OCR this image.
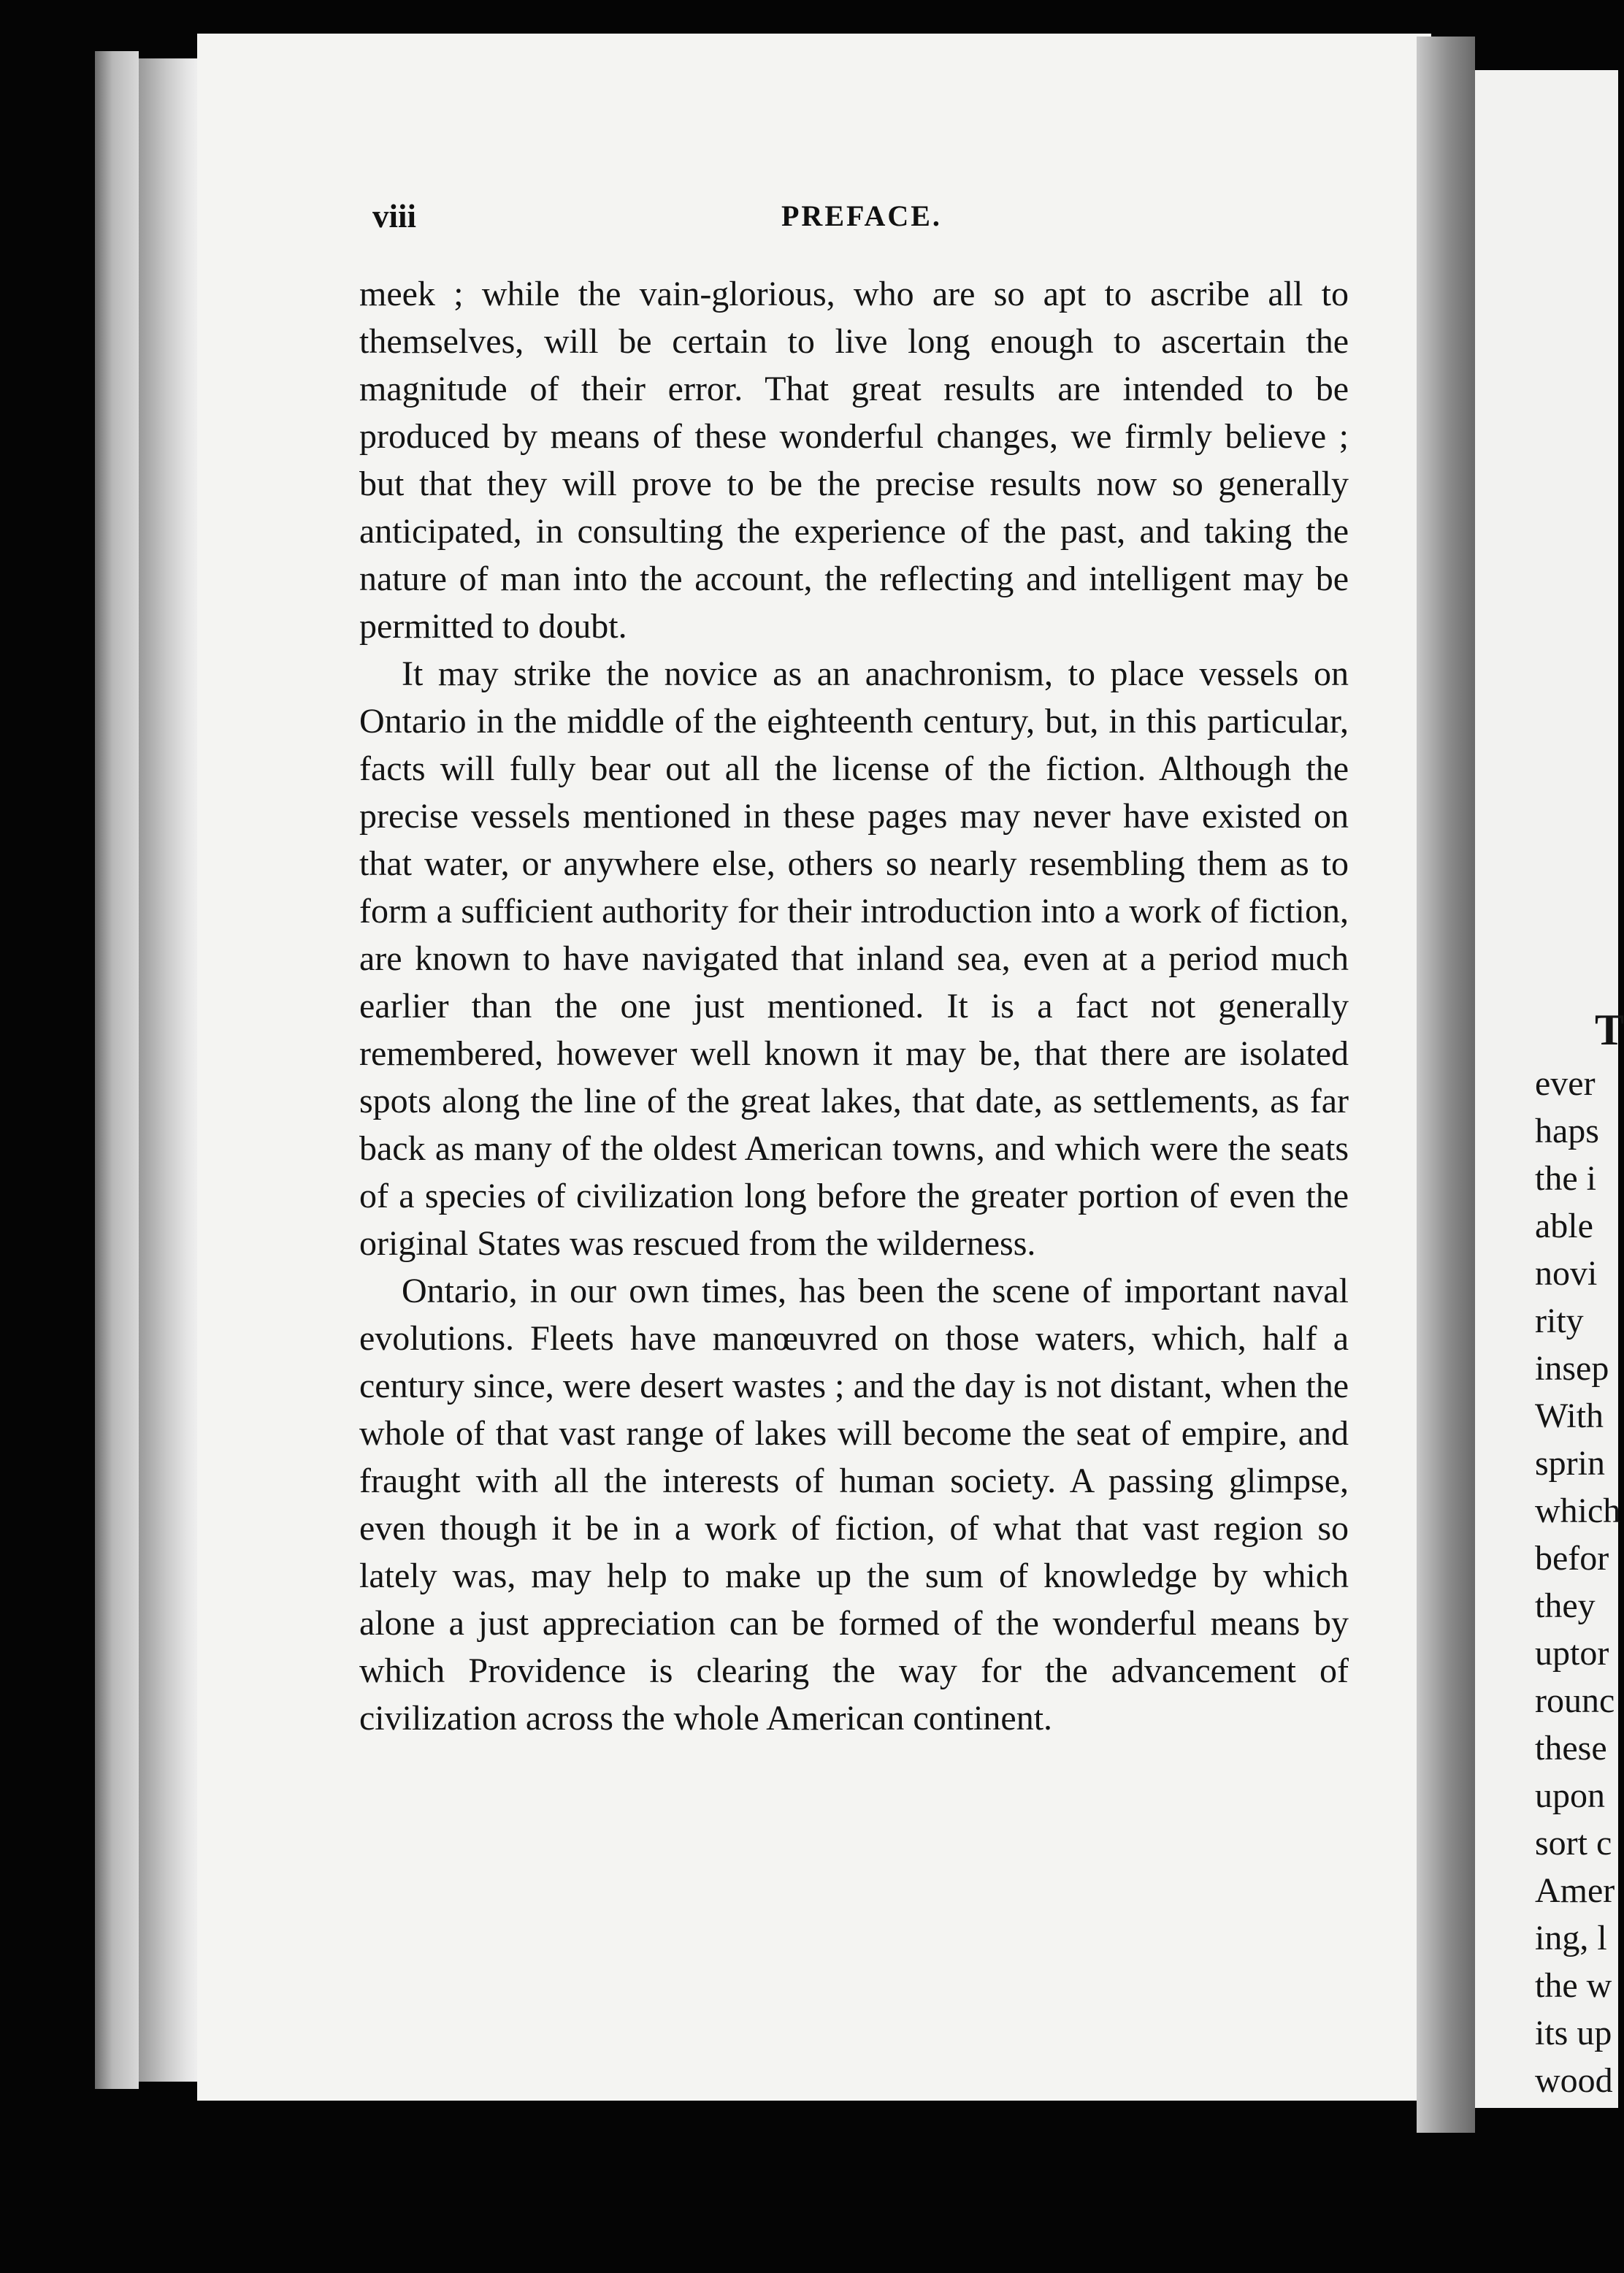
viii	PREFACE.

meek ; while the vain-glorious, who are so apt to ascribe all to themselves, will be certain to live long enough to ascertain the magnitude of their error. That great results are intended to be produced by means of these wonderful changes, we firmly believe ; but that they will prove to be the precise results now so generally anticipated, in consulting the experience of the past, and taking the nature of man into the account, the reflecting and intelligent may be permitted to doubt.

It may strike the novice as an anachronism, to place vessels on Ontario in the middle of the eighteenth century, but, in this particular, facts will fully bear out all the license of the fiction. Although the precise vessels mentioned in these pages may never have existed on that water, or anywhere else, others so nearly resembling them as to form a sufficient authority for their introduction into a work of fiction, are known to have navigated that inland sea, even at a period much earlier than the one just mentioned. It is a fact not generally remembered, however well known it may be, that there are isolated spots along the line of the great lakes, that date, as settlements, as far back as many of the oldest American towns, and which were the seats of a species of civilization long before the greater portion of even the original States was rescued from the wilderness.

Ontario, in our own times, has been the scene of important naval evolutions. Fleets have manœuvred on those waters, which, half a century since, were desert wastes ; and the day is not distant, when the whole of that vast range of lakes will become the seat of empire, and fraught with all the interests of human society. A passing glimpse, even though it be in a work of fiction, of what that vast region so lately was, may help to make up the sum of knowledge by which alone a just appreciation can be formed of the wonderful means by which Providence is clearing the way for the advancement of civilization across the whole American continent.

T
ever
haps
the i
able
novi
rity
insep
With
sprin
which
befor
they
uptor
rounc
these
upon
sort c
Amer
ing, l
the w
its up
wood
